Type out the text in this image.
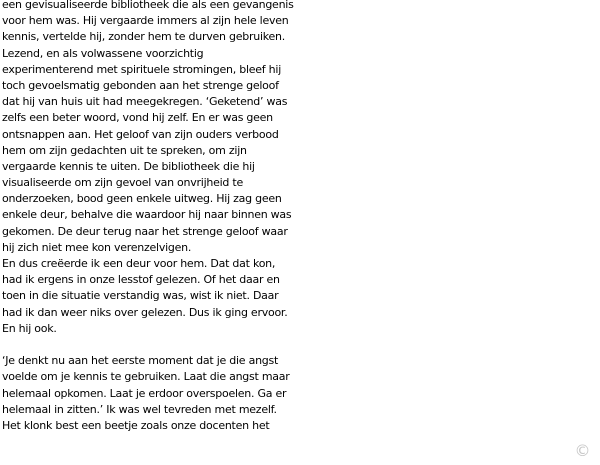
een gevisualiseerde bibliotheek die als een gevangenis
voor hem was. Hij vergaarde immers al zijn hele leven
kennis, vertelde hij, zonder hem te durven gebruiken.
Lezend, en als volwassene voorzichtig
experimenterend met spirituele stromingen, bleef hij
toch gevoelsmatig gebonden aan het strenge geloof
dat hij van huis uit had meegekregen. ‘Geketend’ was
zelfs een beter woord, vond hij zelf. En er was geen
ontsnappen aan. Het geloof van zijn ouders verbood
hem om zijn gedachten uit te spreken, om zijn
vergaarde kennis te uiten. De bibliotheek die hij
visualiseerde om zijn gevoel van onvrijheid te
onderzoeken, bood geen enkele uitweg. Hij zag geen
enkele deur, behalve die waardoor hij naar binnen was
gekomen. De deur terug naar het strenge geloof waar
hij zich niet mee kon verenzelvigen.
En dus creëerde ik een deur voor hem. Dat dat kon,
had ik ergens in onze lesstof gelezen. Of het daar en
toen in die situatie verstandig was, wist ik niet. Daar
had ik dan weer niks over gelezen. Dus ik ging ervoor.
En hij ook.
‘Je denkt nu aan het eerste moment dat je die angst
voelde om je kennis te gebruiken. Laat die angst maar
helemaal opkomen. Laat je erdoor overspoelen. Ga er
helemaal in zitten.’ Ik was wel tevreden met mezelf.
Het klonk best een beetje zoals onze docenten het
©
